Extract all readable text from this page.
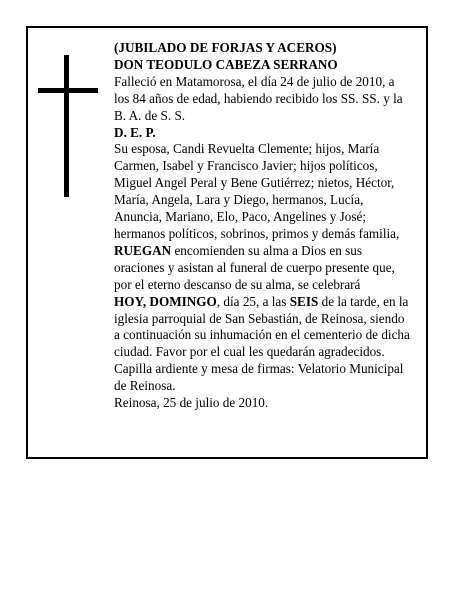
(JUBILADO DE FORJAS Y ACEROS)

DON TEODULO CABEZA SERRANO

Falleció en Matamorosa, el día 24 de julio de 2010, a

los 84 años de edad, habiendo recibido los SS. SS. y la

B. A. de S. S.

D. E. P.

Su esposa, Candi Revuelta Clemente; hijos, María

Carmen, Isabel y Francisco Javier; hijos políticos,

Miguel Angel Peral y Bene Gutiérrez; nietos, Héctor,

María, Angela, Lara y Diego, hermanos, Lucía,

Anuncia, Mariano, Elo, Paco, Angelines y José;

hermanos políticos, sobrinos, primos y demás familia,

RUEGAN encomienden su alma a Dios en sus

oraciones y asistan al funeral de cuerpo presente que,

por el eterno descanso de su alma, se celebrará

HOY, DOMINGO, día 25, a las SEIS de la tarde, en la

iglesia parroquial de San Sebastián, de Reinosa, siendo

a continuación su inhumación en el cementerio de dicha

ciudad. Favor por el cual les quedarán agradecidos.

Capilla ardiente y mesa de firmas: Velatorio Municipal

de Reinosa.

Reinosa, 25 de julio de 2010.
